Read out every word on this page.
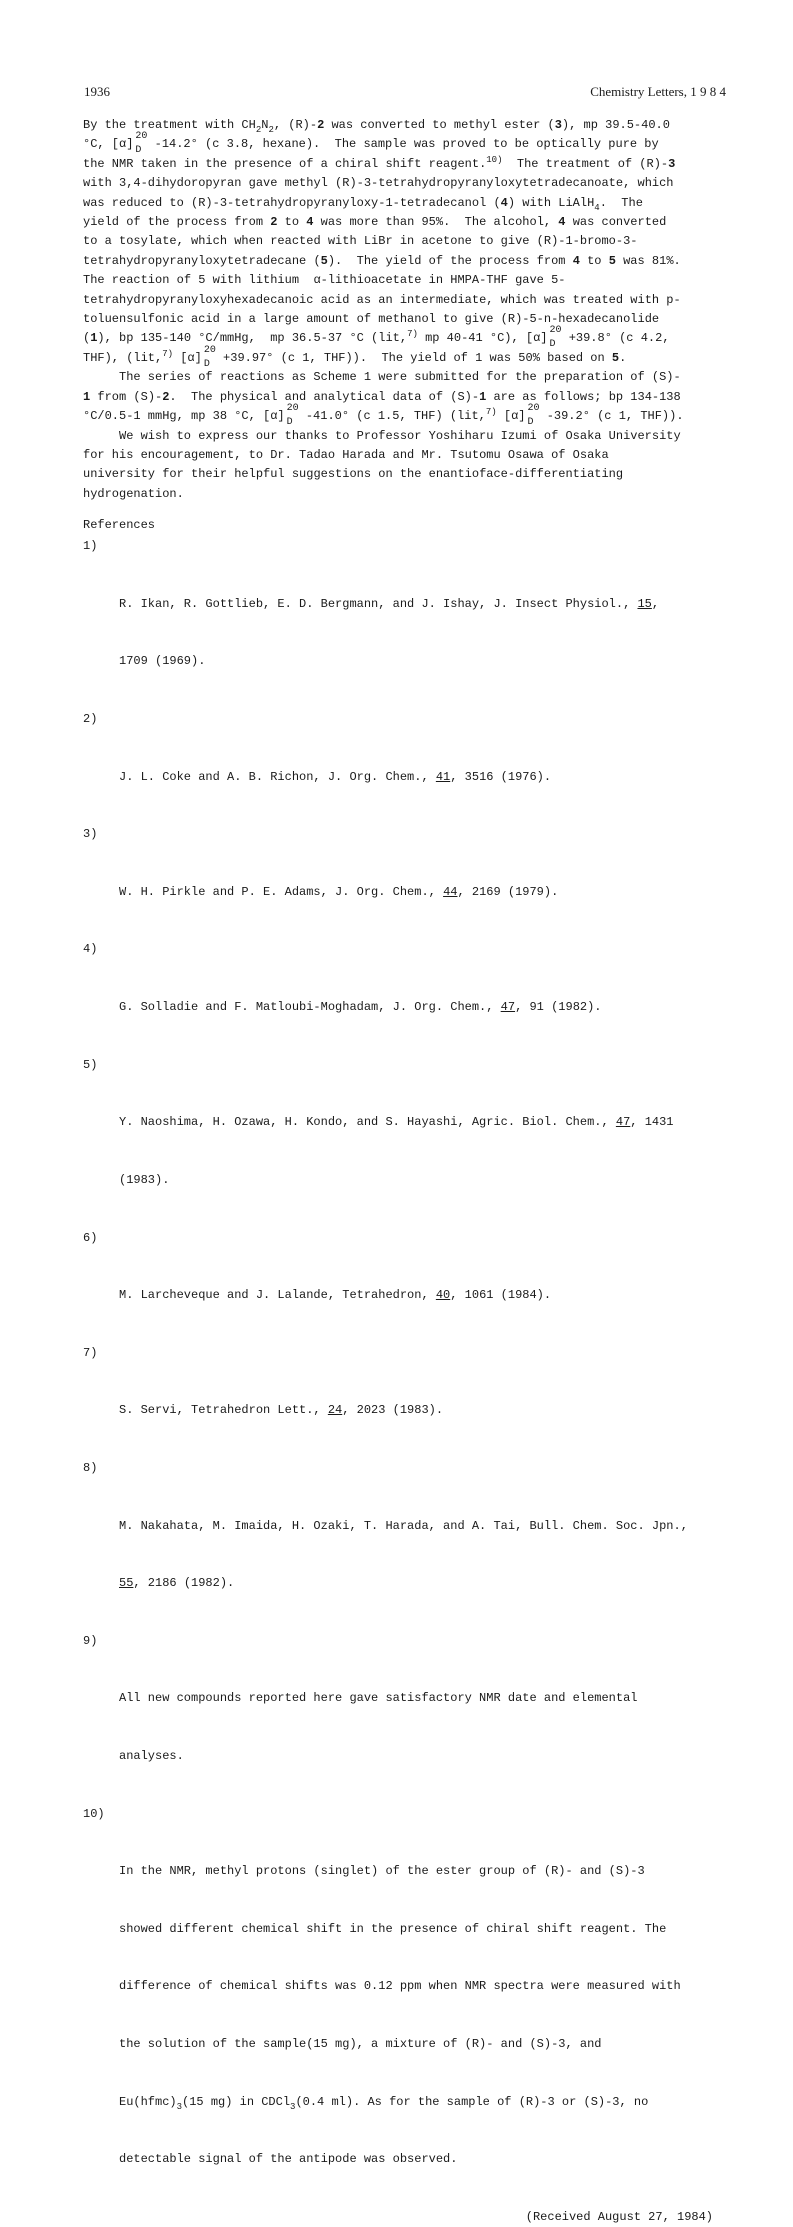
1936	Chemistry Letters, 1 9 8 4
By the treatment with $CH_2N_2$, (R)-2 was converted to methyl ester (3), mp 39.5-40.0
°C, [α]
20
D -14.2° (c 3.8, hexane).  The sample was proved to be optically pure by
the NMR taken in the presence of a chiral shift reagent.$^{10)}$  The treatment of (R)-3
with 3,4-dihydoropyran gave methyl (R)-3-tetrahydropyranyloxytetradecanoate, which
was reduced to (R)-3-tetrahydropyranyloxy-1-tetradecanol (4) with LiAlH$_4$.  The
yield of the process from 2 to 4 was more than 95%.  The alcohol, 4 was converted
to a tosylate, which when reacted with LiBr in acetone to give (R)-1-bromo-3-
tetrahydropyranyloxytetradecane (5).  The yield of the process from 4 to 5 was 81%.
The reaction of 5 with lithium  α-lithioacetate in HMPA-THF gave 5-
tetrahydropyranyloxyhexadecanoic acid as an intermediate, which was treated with p-
toluensulfonic acid in a large amount of methanol to give (R)-5-n-hexadecanolide
(1), bp 135-140 °C/mmHg,  mp 36.5-37 °C (lit,$^{7)}$ mp 40-41 °C), [α]
20
D +39.8° (c 4.2,
THF), (lit,$^{7)}$ [α]
20
D +39.97° (c 1, THF)).  The yield of 1 was 50% based on 5.
The series of reactions as Scheme 1 were submitted for the preparation of (S)-
1 from (S)-2.  The physical and analytical data of (S)-1 are as follows; bp 134-138
°C/0.5-1 mmHg, mp 38 °C, [α]
20
D -41.0° (c 1.5, THF) (lit,$^{7)}$ [α]
20
D -39.2° (c 1, THF)).
We wish to express our thanks to Professor Yoshiharu Izumi of Osaka University
for his encouragement, to Dr. Tadao Harada and Mr. Tsutomu Osawa of Osaka
university for their helpful suggestions on the enantioface-differentiating
hydrogenation.
References

1)

R. Ikan, R. Gottlieb, E. D. Bergmann, and J. Ishay, J. Insect Physiol., 15,

1709 (1969).

2)

J. L. Coke and A. B. Richon, J. Org. Chem., 41, 3516 (1976).

3)

W. H. Pirkle and P. E. Adams, J. Org. Chem., 44, 2169 (1979).

4)

G. Solladie and F. Matloubi-Moghadam, J. Org. Chem., 47, 91 (1982).

5)

Y. Naoshima, H. Ozawa, H. Kondo, and S. Hayashi, Agric. Biol. Chem., 47, 1431

(1983).

6)

M. Larcheveque and J. Lalande, Tetrahedron, 40, 1061 (1984).

7)

S. Servi, Tetrahedron Lett., 24, 2023 (1983).

8)

M. Nakahata, M. Imaida, H. Ozaki, T. Harada, and A. Tai, Bull. Chem. Soc. Jpn.,

55, 2186 (1982).

9)

All new compounds reported here gave satisfactory NMR date and elemental

analyses.

10)

In the NMR, methyl protons (singlet) of the ester group of (R)- and (S)-3

showed different chemical shift in the presence of chiral shift reagent. The

difference of chemical shifts was 0.12 ppm when NMR spectra were measured with

the solution of the sample(15 mg), a mixture of (R)- and (S)-3, and

$Eu(hfmc)_3(15$ mg) in CDCl$_3$(0.4 ml). As for the sample of (R)-3 or (S)-3, no

detectable signal of the antipode was observed.

(Received August 27, 1984)
